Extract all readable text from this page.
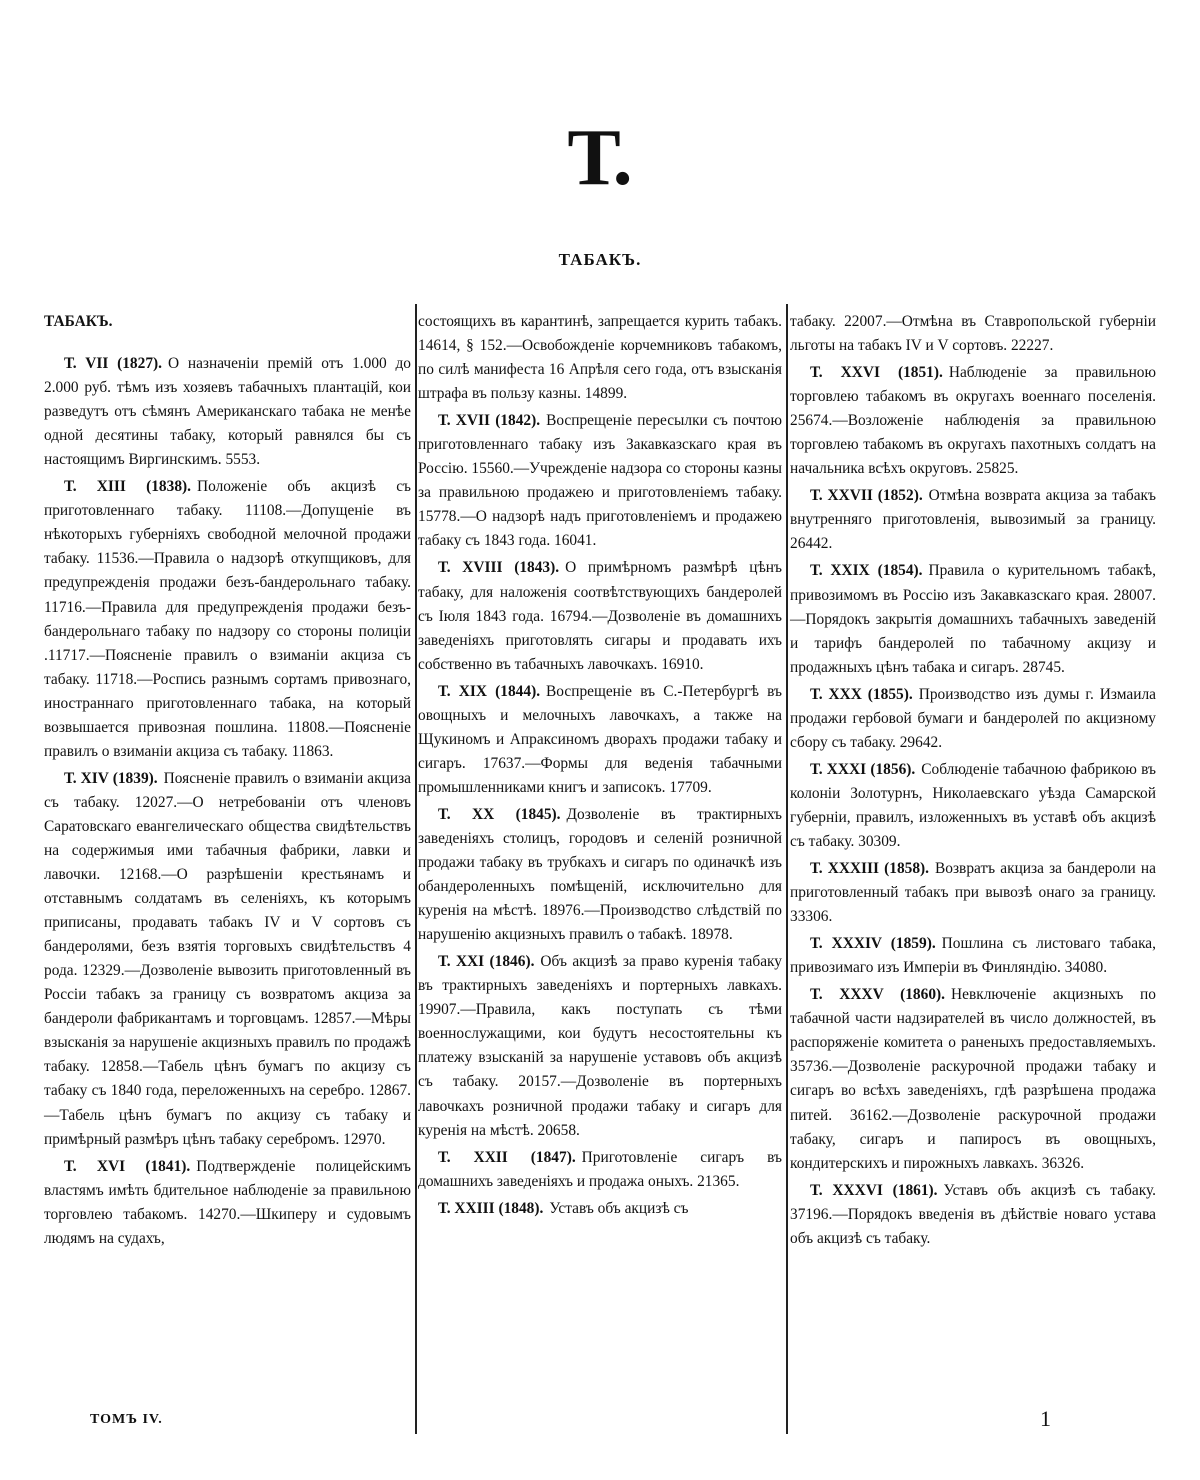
Т.
ТАБАКЪ.

ТАБАКЪ.

Т. VII (1827). О назначеніи премій отъ 1.000 до 2.000 руб. тѣмъ изъ хозяевъ табачныхъ плантацій, кои разведутъ отъ сѣмянъ Американскаго табака не менѣе одной десятины табаку, который равнялся бы съ настоящимъ Виргинскимъ. 5553.

Т. XIII (1838). Положеніе объ акцизѣ съ приготовленнаго табаку. 11108.—Допущеніе въ нѣкоторыхъ губерніяхъ свободной мелочной продажи табаку. 11536.—Правила о надзорѣ откупщиковъ, для предупрежденія продажи безъ-бандерольнаго табаку. 11716.—Правила для предупрежденія продажи безъ-бандерольнаго табаку по надзору со стороны полиціи .11717.—Поясненіе правилъ о взиманіи акциза съ табаку. 11718.—Роспись разнымъ сортамъ привознаго, иностраннаго приготовленнаго табака, на который возвышается привозная пошлина. 11808.—Поясненіе правилъ о взиманіи акциза съ табаку. 11863.

Т. XIV (1839). Поясненіе правилъ о взиманіи акциза съ табаку. 12027.—О нетребованіи отъ членовъ Саратовскаго евангелическаго общества свидѣтельствъ на содержимыя ими табачныя фабрики, лавки и лавочки. 12168.—О разрѣшеніи крестьянамъ и отставнымъ солдатамъ въ селеніяхъ, къ которымъ приписаны, продавать табакъ IV и V сортовъ съ бандеролями, безъ взятія торговыхъ свидѣтельствъ 4 рода. 12329.—Дозволеніе вывозить приготовленный въ Россіи табакъ за границу съ возвратомъ акциза за бандероли фабрикантамъ и торговцамъ. 12857.—Мѣры взысканія за нарушеніе акцизныхъ правилъ по продажѣ табаку. 12858.—Табель цѣнъ бумагъ по акцизу съ табаку съ 1840 года, переложенныхъ на серебро. 12867.—Табель цѣнъ бумагъ по акцизу съ табаку и примѣрный размѣръ цѣнъ табаку серебромъ. 12970.

Т. XVI (1841). Подтвержденіе полицейскимъ властямъ имѣть бдительное наблюденіе за правильною торговлею табакомъ. 14270.—Шкиперу и судовымъ людямъ на судахъ,

состоящихъ въ карантинѣ, запрещается курить табакъ. 14614, § 152.—Освобожденіе корчемниковъ табакомъ, по силѣ манифеста 16 Апрѣля сего года, отъ взысканія штрафа въ пользу казны. 14899.

Т. XVII (1842). Воспрещеніе пересылки съ почтою приготовленнаго табаку изъ Закавказскаго края въ Россію. 15560.—Учрежденіе надзора со стороны казны за правильною продажею и приготовленіемъ табаку. 15778.—О надзорѣ надъ приготовленіемъ и продажею табаку съ 1843 года. 16041.

Т. XVIII (1843). О примѣрномъ размѣрѣ цѣнъ табаку, для наложенія соотвѣтствующихъ бандеролей съ Іюля 1843 года. 16794.—Дозволеніе въ домашнихъ заведеніяхъ приготовлять сигары и продавать ихъ собственно въ табачныхъ лавочкахъ. 16910.

Т. XIX (1844). Воспрещеніе въ С.-Петербургѣ въ овощныхъ и мелочныхъ лавочкахъ, а также на Щукиномъ и Апраксиномъ дворахъ продажи табаку и сигаръ. 17637.—Формы для веденія табачными промышленниками книгъ и записокъ. 17709.

Т. XX (1845). Дозволеніе въ трактирныхъ заведеніяхъ столицъ, городовъ и селеній розничной продажи табаку въ трубкахъ и сигаръ по одиначкѣ изъ обандероленныхъ помѣщеній, исключительно для куренія на мѣстѣ. 18976.—Производство слѣдствій по нарушенію акцизныхъ правилъ о табакѣ. 18978.

Т. XXI (1846). Объ акцизѣ за право куренія табаку въ трактирныхъ заведеніяхъ и портерныхъ лавкахъ. 19907.—Правила, какъ поступать съ тѣми военнослужащими, кои будутъ несостоятельны къ платежу взысканій за нарушеніе уставовъ объ акцизѣ съ табаку. 20157.—Дозволеніе въ портерныхъ лавочкахъ розничной продажи табаку и сигаръ для куренія на мѣстѣ. 20658.

Т. XXII (1847). Приготовленіе сигаръ въ домашнихъ заведеніяхъ и продажа оныхъ. 21365.

Т. XXIII (1848). Уставъ объ акцизѣ съ

табаку. 22007.—Отмѣна въ Ставропольской губерніи льготы на табакъ IV и V сортовъ. 22227.

Т. XXVI (1851). Наблюденіе за правильною торговлею табакомъ въ округахъ военнаго поселенія. 25674.—Возложеніе наблюденія за правильною торговлею табакомъ въ округахъ пахотныхъ солдатъ на начальника всѣхъ округовъ. 25825.

Т. XXVII (1852). Отмѣна возврата акциза за табакъ внутренняго приготовленія, вывозимый за границу. 26442.

Т. XXIX (1854). Правила о курительномъ табакѣ, привозимомъ въ Россію изъ Закавказскаго края. 28007.—Порядокъ закрытія домашнихъ табачныхъ заведеній и тарифъ бандеролей по табачному акцизу и продажныхъ цѣнъ табака и сигаръ. 28745.

Т. XXX (1855). Производство изъ думы г. Измаила продажи гербовой бумаги и бандеролей по акцизному сбору съ табаку. 29642.

Т. XXXI (1856). Соблюденіе табачною фабрикою въ колоніи Золотурнъ, Николаевскаго уѣзда Самарской губерніи, правилъ, изложенныхъ въ уставѣ объ акцизѣ съ табаку. 30309.

Т. XXXIII (1858). Возвратъ акциза за бандероли на приготовленный табакъ при вывозѣ онаго за границу. 33306.

Т. XXXIV (1859). Пошлина съ листоваго табака, привозимаго изъ Имперіи въ Финляндію. 34080.

Т. XXXV (1860). Невключеніе акцизныхъ по табачной части надзирателей въ число должностей, въ распоряженіе комитета о раненыхъ предоставляемыхъ. 35736.—Дозволеніе раскурочной продажи табаку и сигаръ во всѣхъ заведеніяхъ, гдѣ разрѣшена продажа питей. 36162.—Дозволеніе раскурочной продажи табаку, сигаръ и папиросъ въ овощныхъ, кондитерскихъ и пирожныхъ лавкахъ. 36326.

Т. XXXVI (1861). Уставъ объ акцизѣ съ табаку. 37196.—Порядокъ введенія въ дѣйствіе новаго устава объ акцизѣ съ табаку.

ТОМЪ IV.	1
